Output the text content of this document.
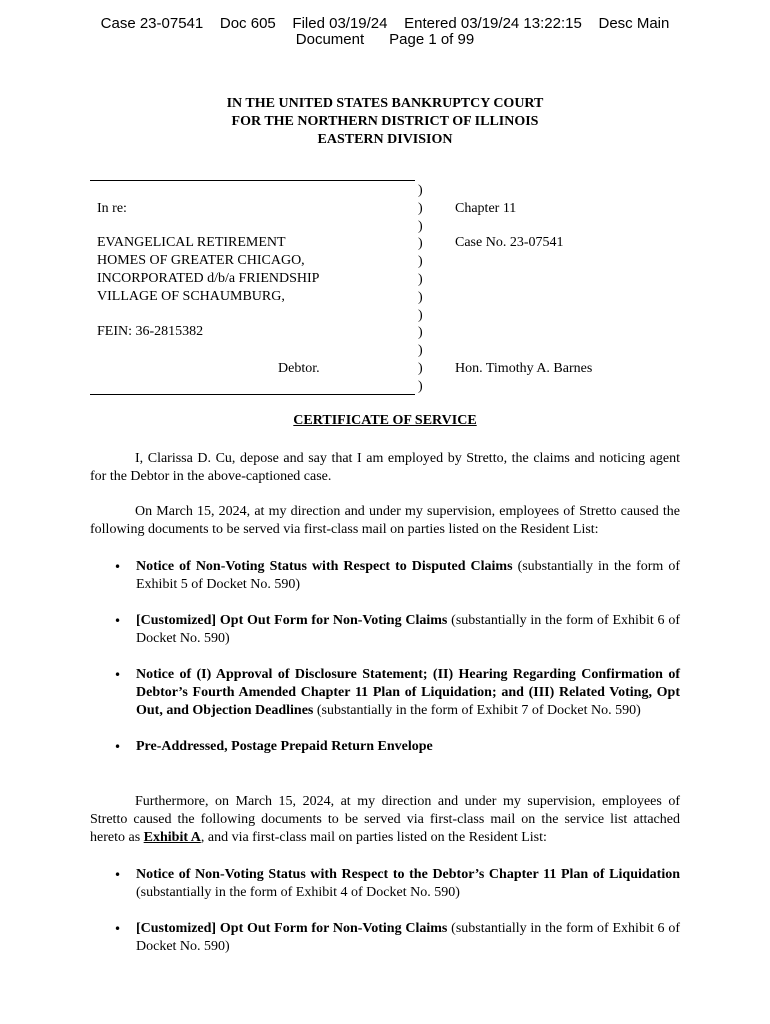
Case 23-07541    Doc 605    Filed 03/19/24    Entered 03/19/24 13:22:15    Desc Main
Document      Page 1 of 99
IN THE UNITED STATES BANKRUPTCY COURT
FOR THE NORTHERN DISTRICT OF ILLINOIS
EASTERN DIVISION
)
)
)
)
)
)
)
)
)
)
)
)
In re:
EVANGELICAL RETIREMENT
HOMES OF GREATER CHICAGO,
INCORPORATED d/b/a FRIENDSHIP
VILLAGE OF SCHAUMBURG,
FEIN: 36-2815382
Debtor.
Chapter 11
Case No. 23-07541
Hon. Timothy A. Barnes
CERTIFICATE OF SERVICE
I, Clarissa D. Cu, depose and say that I am employed by Stretto, the claims and noticing agent for the Debtor in the above-captioned case.
On March 15, 2024, at my direction and under my supervision, employees of Stretto caused the following documents to be served via first-class mail on parties listed on the Resident List:
• Notice of Non-Voting Status with Respect to Disputed Claims (substantially in the form of Exhibit 5 of Docket No. 590)
• [Customized] Opt Out Form for Non-Voting Claims (substantially in the form of Exhibit 6 of Docket No. 590)
• Notice of (I) Approval of Disclosure Statement; (II) Hearing Regarding Confirmation of Debtor’s Fourth Amended Chapter 11 Plan of Liquidation; and (III) Related Voting, Opt Out, and Objection Deadlines (substantially in the form of Exhibit 7 of Docket No. 590)
• Pre-Addressed, Postage Prepaid Return Envelope
Furthermore, on March 15, 2024, at my direction and under my supervision, employees of Stretto caused the following documents to be served via first-class mail on the service list attached hereto as Exhibit A, and via first-class mail on parties listed on the Resident List:
• Notice of Non-Voting Status with Respect to the Debtor’s Chapter 11 Plan of Liquidation (substantially in the form of Exhibit 4 of Docket No. 590)
• [Customized] Opt Out Form for Non-Voting Claims (substantially in the form of Exhibit 6 of Docket No. 590)
